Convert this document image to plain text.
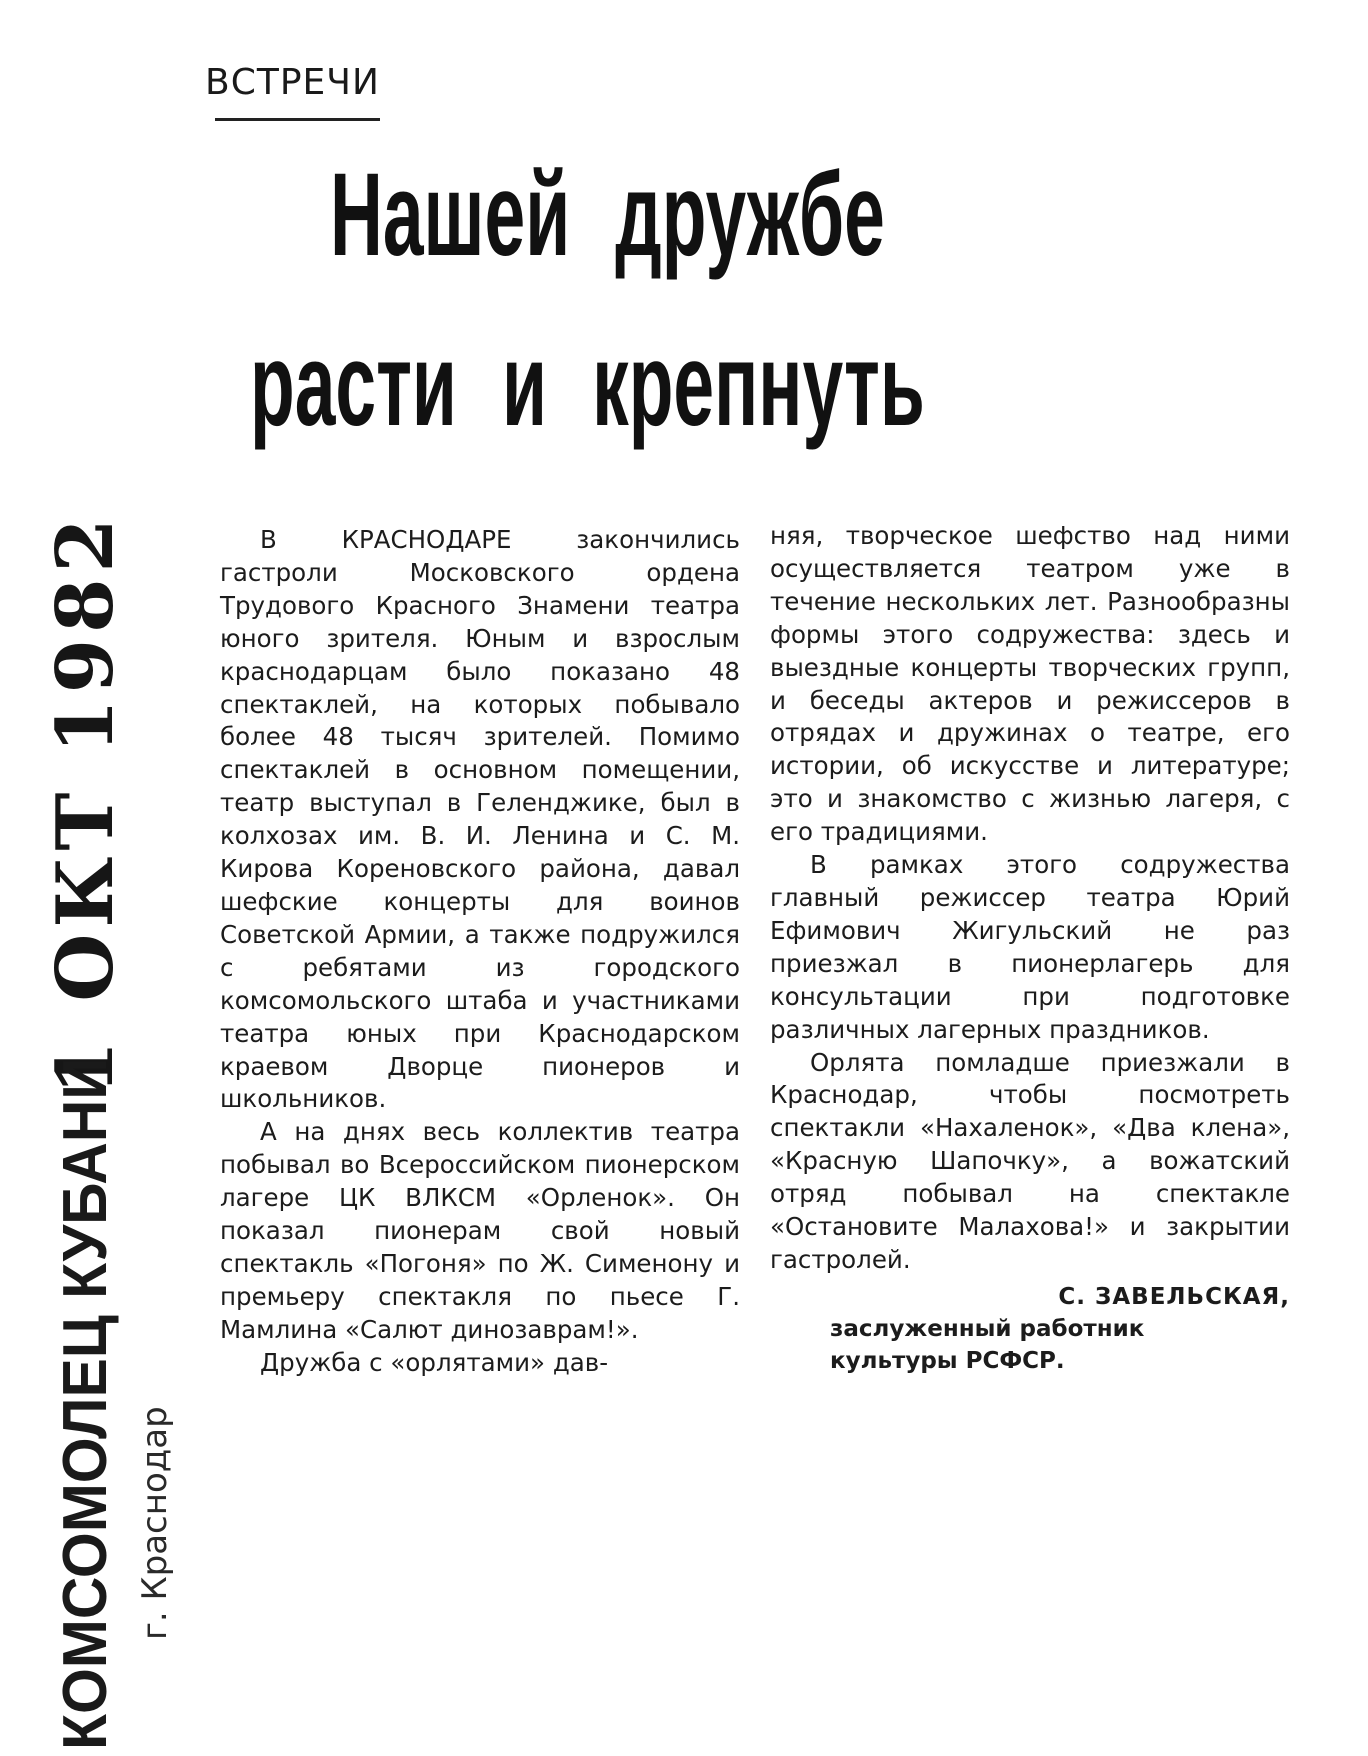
ВСТРЕЧИ
Нашей дружбе
расти и крепнуть

В КРАСНОДАРЕ закончились гастроли Московского ордена Трудового Красного Знамени театра юного зрителя. Юным и взрослым краснодарцам было показано 48 спектаклей, на которых побывало более 48 тысяч зрителей. Помимо спектаклей в основном помещении, театр выступал в Геленджике, был в колхозах им. В. И. Ленина и С. М. Кирова Кореновского района, давал шефские концерты для воинов Советской Армии, а также подружился с ребятами из городского комсомольского штаба и участниками театра юных при Краснодарском краевом Дворце пионеров и школьников.

А на днях весь коллектив театра побывал во Всероссийском пионерском лагере ЦК ВЛКСМ «Орленок». Он показал пионерам свой новый спектакль «Погоня» по Ж. Сименону и премьеру спектакля по пьесе Г. Мамлина «Салют динозаврам!».

Дружба с «орлятами» дав-

няя, творческое шефство над ними осуществляется театром уже в течение нескольких лет. Разнообразны формы этого содружества: здесь и выездные концерты творческих групп, и беседы актеров и режиссеров в отрядах и дружинах о театре, его истории, об искусстве и литературе; это и знакомство с жизнью лагеря, с его традициями.

В рамках этого содружества главный режиссер театра Юрий Ефимович Жигульский не раз приезжал в пионерлагерь для консультации при подготовке различных лагерных праздников.

Орлята помладше приезжали в Краснодар, чтобы посмотреть спектакли «Нахаленок», «Два клена», «Красную Шапочку», а вожатский отряд побывал на спектакле «Остановите Малахова!» и закрытии гастролей.

С. ЗАВЕЛЬСКАЯ,
заслуженный работник
культуры РСФСР.
1 ОКТ 1982
КОМСОМОЛЕЦ КУБАНИ г. Краснодар
